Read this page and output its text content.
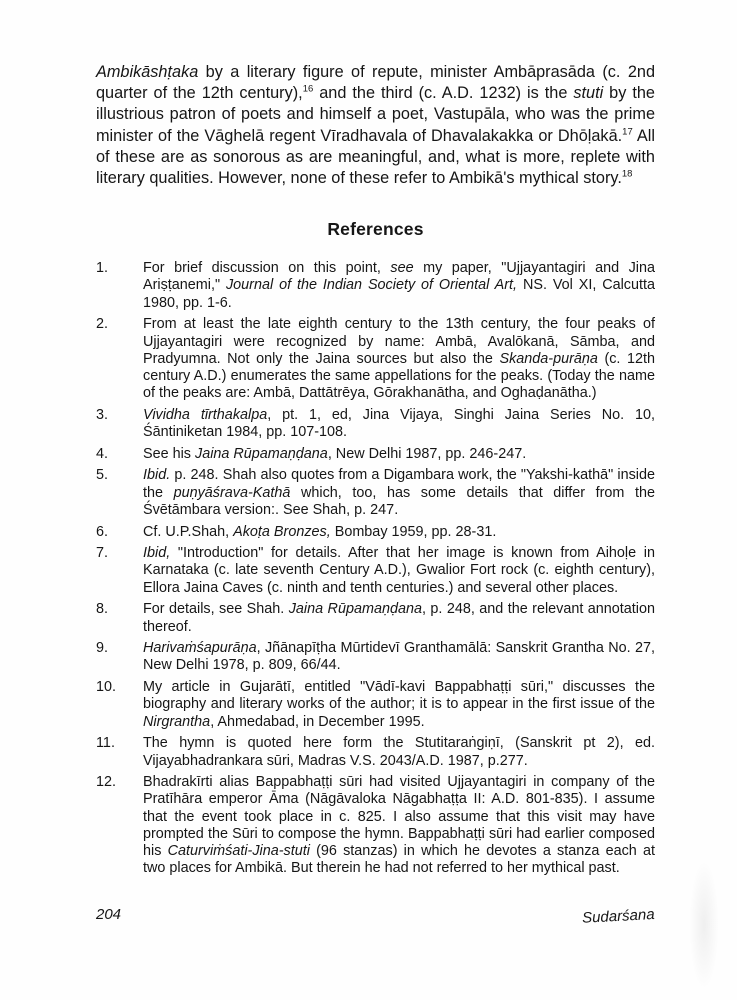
Ambikāshṭaka by a literary figure of repute, minister Ambāprasāda (c. 2nd quarter of the 12th century),$^{16}$ and the third (c. A.D. 1232) is the stuti by the illustrious patron of poets and himself a poet, Vastupāla, who was the prime minister of the Vāghelā regent Vīradhavala of Dhavalakakka or Dhōḷakā.$^{17}$ All of these are as sonorous as are meaningful, and, what is more, replete with literary qualities. However, none of these refer to Ambikā's mythical story.$^{18}$

References
1.	For brief discussion on this point, see my paper, "Ujjayantagiri and Jina Ariṣṭanemi," Journal of the Indian Society of Oriental Art, NS. Vol XI, Calcutta 1980, pp. 1-6.
2.	From at least the late eighth century to the 13th century, the four peaks of Ujjayantagiri were recognized by name: Ambā, Avalōkanā, Sāmba, and Pradyumna. Not only the Jaina sources but also the Skanda-purāṇa (c. 12th century A.D.) enumerates the same appellations for the peaks. (Today the name of the peaks are: Ambā, Dattātrēya, Gōrakhanātha, and Oghaḍanātha.)
3.	Vividha tīrthakalpa, pt. 1, ed, Jina Vijaya, Singhi Jaina Series No. 10, Śāntiniketan 1984, pp. 107-108.
4.	See his Jaina Rūpamaṇḍana, New Delhi 1987, pp. 246-247.
5.	Ibid. p. 248. Shah also quotes from a Digambara work, the "Yakshi-kathā" inside the puṇyāśrava-Kathā which, too, has some details that differ from the Śvētāmbara version:. See Shah, p. 247.
6.	Cf. U.P.Shah, Akoṭa Bronzes, Bombay 1959, pp. 28-31.
7.	Ibid, "Introduction" for details. After that her image is known from Aihoḷe in Karnataka (c. late seventh Century A.D.), Gwalior Fort rock (c. eighth century), Ellora Jaina Caves (c. ninth and tenth centuries.) and several other places.
8.	For details, see Shah. Jaina Rūpamaṇḍana, p. 248, and the relevant annotation thereof.
9.	Harivaṁśapurāṇa, Jñānapīṭha Mūrtidevī Granthamālā: Sanskrit Grantha No. 27, New Delhi 1978, p. 809, 66/44.
10.	My article in Gujarātī, entitled "Vādī-kavi Bappabhaṭṭi sūri," discusses the biography and literary works of the author; it is to appear in the first issue of the Nirgrantha, Ahmedabad, in December 1995.
11.	The hymn is quoted here form the Stutitaraṅgiṇī, (Sanskrit pt 2), ed. Vijayabhadrankara sūri, Madras V.S. 2043/A.D. 1987, p.277.
12.	Bhadrakīrti alias Bappabhaṭṭi sūri had visited Ujjayantagiri in company of the Pratīhāra emperor Āma (Nāgāvaloka Nāgabhaṭṭa II: A.D. 801-835). I assume that the event took place in c. 825. I also assume that this visit may have prompted the Sūri to compose the hymn. Bappabhaṭṭi sūri had earlier composed his Caturviṁśati-Jina-stuti (96 stanzas) in which he devotes a stanza each at two places for Ambikā. But therein he had not referred to her mythical past.
204	Sudarśana
